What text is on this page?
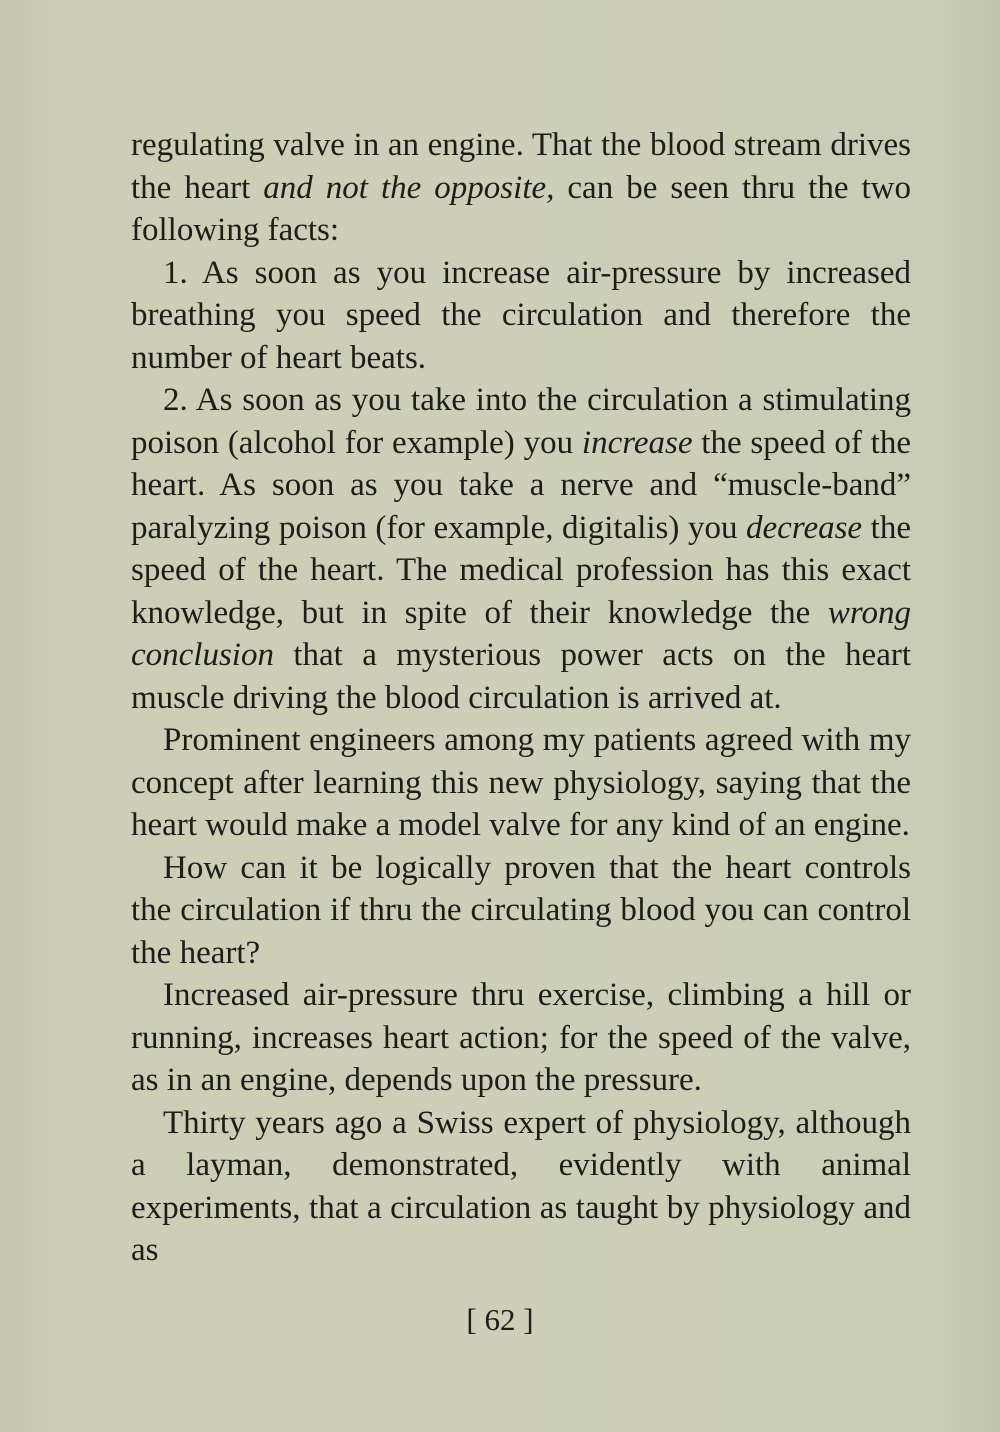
regulating valve in an engine. That the blood stream drives the heart and not the opposite, can be seen thru the two following facts:

1. As soon as you increase air-pressure by increased breathing you speed the circulation and therefore the number of heart beats.

2. As soon as you take into the circulation a stimulating poison (alcohol for example) you increase the speed of the heart. As soon as you take a nerve and “muscle-band” paralyzing poison (for example, digitalis) you decrease the speed of the heart. The medical profession has this exact knowledge, but in spite of their knowledge the wrong conclusion that a mysterious power acts on the heart muscle driving the blood circulation is arrived at.

Prominent engineers among my patients agreed with my concept after learning this new physiology, saying that the heart would make a model valve for any kind of an engine.

How can it be logically proven that the heart controls the circulation if thru the circulating blood you can control the heart?

Increased air-pressure thru exercise, climbing a hill or running, increases heart action; for the speed of the valve, as in an engine, depends upon the pressure.

Thirty years ago a Swiss expert of physiology, although a layman, demonstrated, evidently with animal experiments, that a circulation as taught by physiology and as

[ 62 ]
